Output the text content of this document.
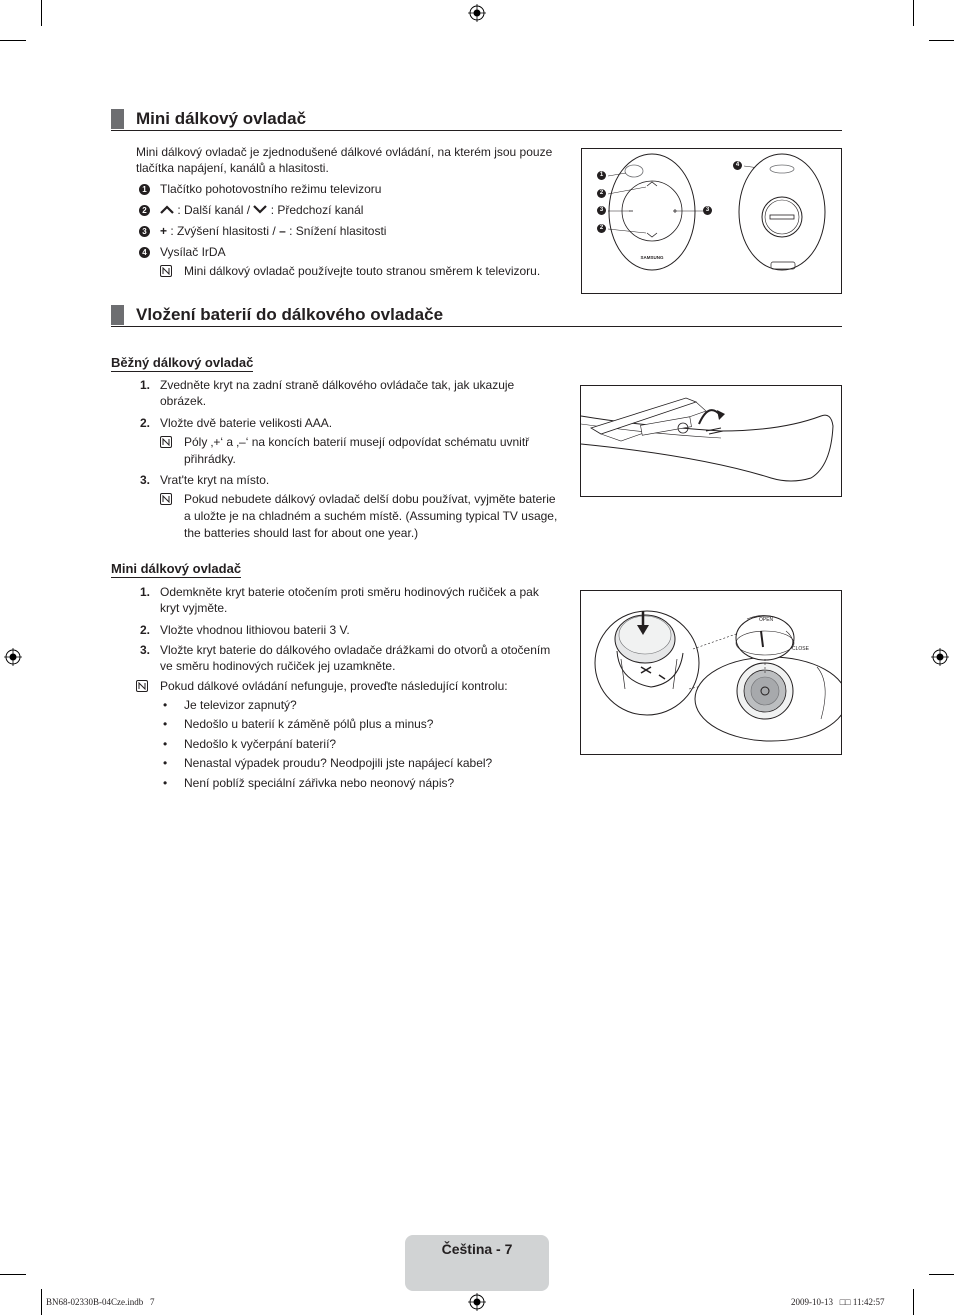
Mini dálkový ovladač
Mini dálkový ovladač je zjednodušené dálkové ovládání, na kterém jsou pouze
tlačítka napájení, kanálů a hlasitosti.
1 Tlačítko pohotovostního režimu televizoru
2	: Další kanál /  : Předchozí kanál
3 + : Zvýšení hlasitosti / – : Snížení hlasitosti
4 Vysílač IrDA
Mini dálkový ovladač používejte touto stranou směrem k televizoru.
SAMSUNG
1
2
3
2
3
4
Vložení baterií do dálkového ovladače
Běžný dálkový ovladač
1. Zvedněte kryt na zadní straně dálkového ovládače tak, jak ukazuje
obrázek.
2. Vložte dvě baterie velikosti AAA.
Póly ‚+‘ a ‚–‘ na koncích baterií musejí odpovídat schématu uvnitř
přihrádky.
3. Vrat'te kryt na místo.
Pokud nebudete dálkový ovladač delší dobu používat, vyjměte baterie
a uložte je na chladném a suchém místě. (Assuming typical TV usage,
the batteries should last for about one year.)
Mini dálkový ovladač
1. Odemkněte kryt baterie otočením proti směru hodinových ručiček a pak
kryt vyjměte.
2. Vložte vhodnou lithiovou baterii 3 V.
3. Vložte kryt baterie do dálkového ovladače drážkami do otvorů a otočením
ve směru hodinových ručiček jej uzamkněte.
Pokud dálkové ovládání nefunguje, proveďte následující kontrolu:
• Je televizor zapnutý?
• Nedošlo u baterií k záměně pólů plus a minus?
• Nedošlo k vyčerpání baterií?
• Nenastal výpadek proudu? Neodpojili jste napájecí kabel?
• Není poblíž speciální zářivka nebo neonový nápis?
OPEN
CLOSE
Čeština - 7
BN68-02330B-04Cze.indb   7	2009-10-13   □□ 11:42:57
